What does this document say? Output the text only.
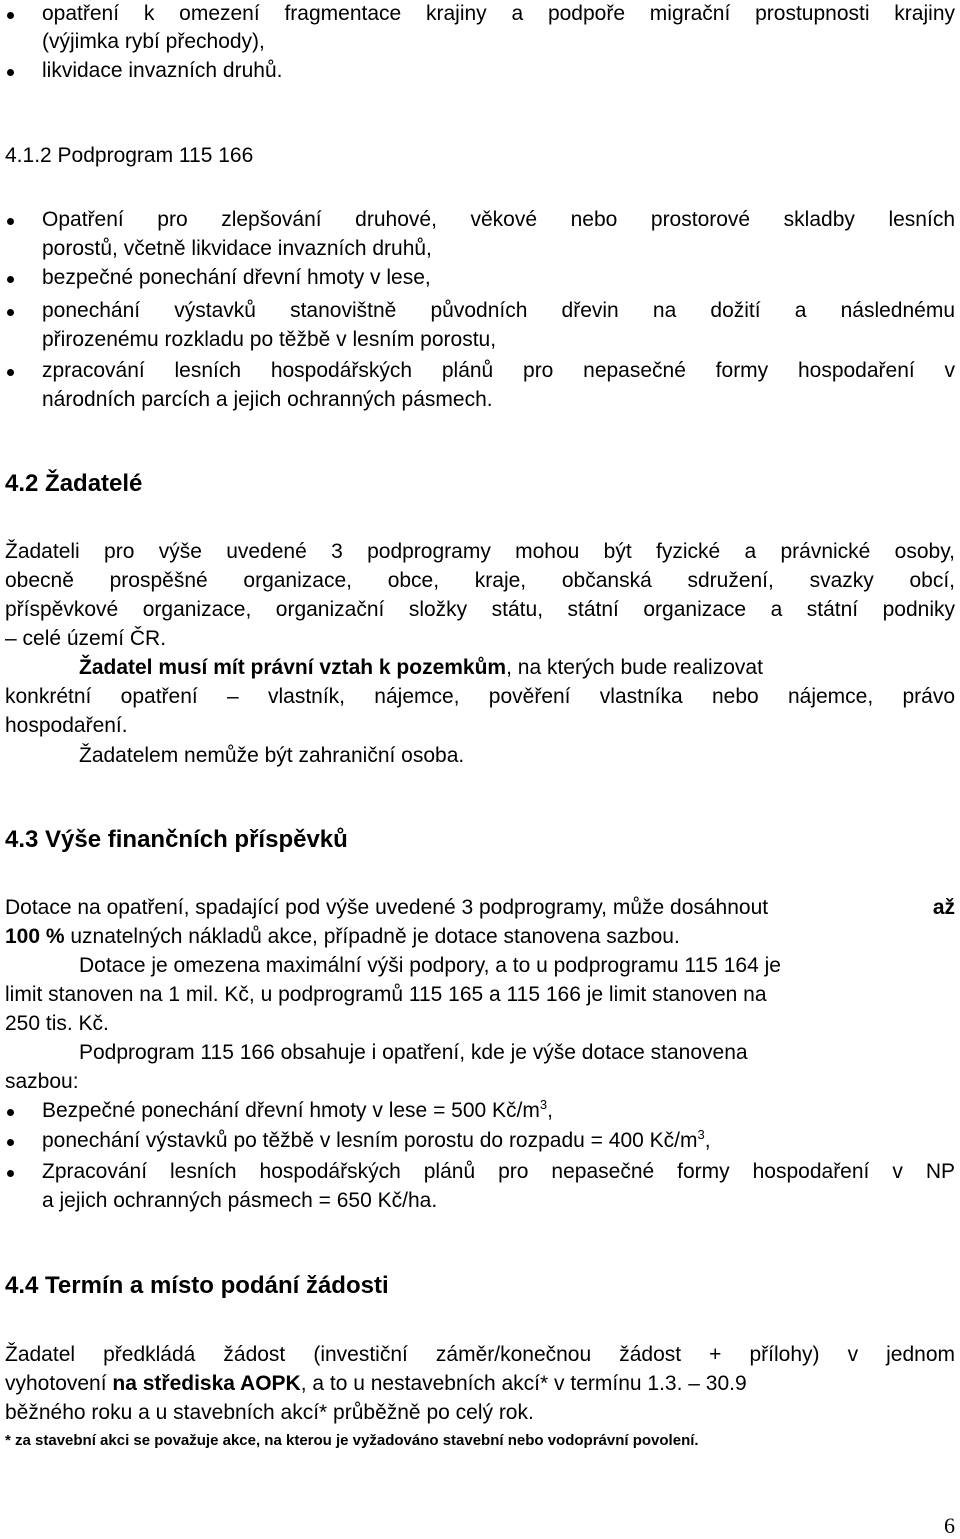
opatření k omezení fragmentace krajiny a podpoře migrační prostupnosti krajiny
(výjimka rybí přechody),
likvidace invazních druhů.
4.1.2 Podprogram 115 166
Opatření pro zlepšování druhové, věkové nebo prostorové skladby lesních
porostů, včetně likvidace invazních druhů,
bezpečné ponechání dřevní hmoty v lese,
ponechání výstavků stanovištně původních dřevin na dožití a následnému
přirozenému rozkladu po těžbě v lesním porostu,
zpracování lesních hospodářských plánů pro nepasečné formy hospodaření v
národních parcích a jejich ochranných pásmech.
4.2 Žadatelé
Žadateli pro výše uvedené 3 podprogramy mohou být fyzické a právnické osoby,
obecně prospěšné organizace, obce, kraje, občanská sdružení, svazky obcí,
příspěvkové organizace, organizační složky státu, státní organizace a státní podniky
– celé území ČR.
Žadatel musí mít právní vztah k pozemkům, na kterých bude realizovat
konkrétní opatření – vlastník, nájemce, pověření vlastníka nebo nájemce, právo
hospodaření.
Žadatelem nemůže být zahraniční osoba.
4.3 Výše finančních příspěvků
Dotace na opatření, spadající pod výše uvedené 3 podprogramy, může dosáhnout	až
100 % uznatelných nákladů akce, případně je dotace stanovena sazbou.
Dotace je omezena maximální výši podpory, a to u podprogramu 115 164 je
limit stanoven na 1 mil. Kč, u podprogramů 115 165 a 115 166 je limit stanoven na
250 tis. Kč.
Podprogram 115 166 obsahuje i opatření, kde je výše dotace stanovena
sazbou:
Bezpečné ponechání dřevní hmoty v lese = 500 $Kč/m^3$,
ponechání výstavků po těžbě v lesním porostu do rozpadu = 400 $Kč/m^3$,
Zpracování lesních hospodářských plánů pro nepasečné formy hospodaření v NP
a jejich ochranných pásmech = 650 Kč/ha.
4.4 Termín a místo podání žádosti
Žadatel předkládá žádost (investiční záměr/konečnou žádost + přílohy) v jednom
vyhotovení na střediska AOPK, a to u nestavebních akcí* v termínu 1.3. – 30.9
běžného roku a u stavebních akcí* průběžně po celý rok.
* za stavební akci se považuje akce, na kterou je vyžadováno stavební nebo vodoprávní povolení.
6
